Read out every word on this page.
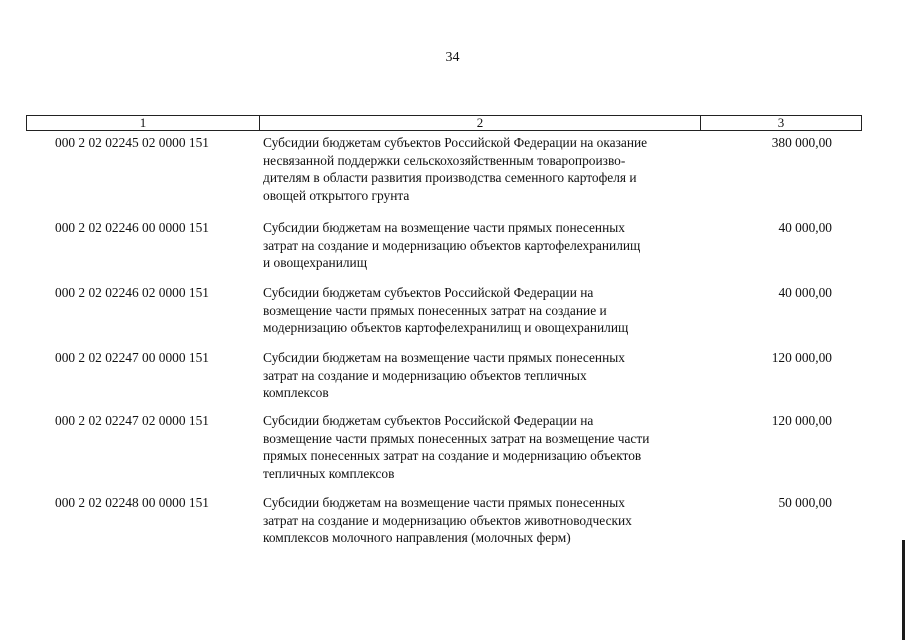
34
1	2	3
000 2 02 02245 02 0000 151	Субсидии бюджетам субъектов Российской Федерации на оказание
несвязанной поддержки сельскохозяйственным товаропроизво-
дителям в области развития производства семенного картофеля и
овощей открытого грунта
380 000,00
000 2 02 02246 00 0000 151	Субсидии бюджетам на возмещение части прямых понесенных
затрат на создание и модернизацию объектов картофелехранилищ
и овощехранилищ
40 000,00
000 2 02 02246 02 0000 151	Субсидии бюджетам субъектов Российской Федерации на
возмещение части прямых понесенных затрат на создание и
модернизацию объектов картофелехранилищ и овощехранилищ
40 000,00
000 2 02 02247 00 0000 151	Субсидии бюджетам на возмещение части прямых понесенных
затрат на создание и модернизацию объектов тепличных
комплексов
120 000,00
000 2 02 02247 02 0000 151	Субсидии бюджетам субъектов Российской Федерации на
возмещение части прямых понесенных затрат на возмещение части
прямых понесенных затрат на создание и модернизацию объектов
тепличных комплексов
120 000,00
000 2 02 02248 00 0000 151	Субсидии бюджетам на возмещение части прямых понесенных
затрат на создание и модернизацию объектов животноводческих
комплексов молочного направления (молочных ферм)
50 000,00
